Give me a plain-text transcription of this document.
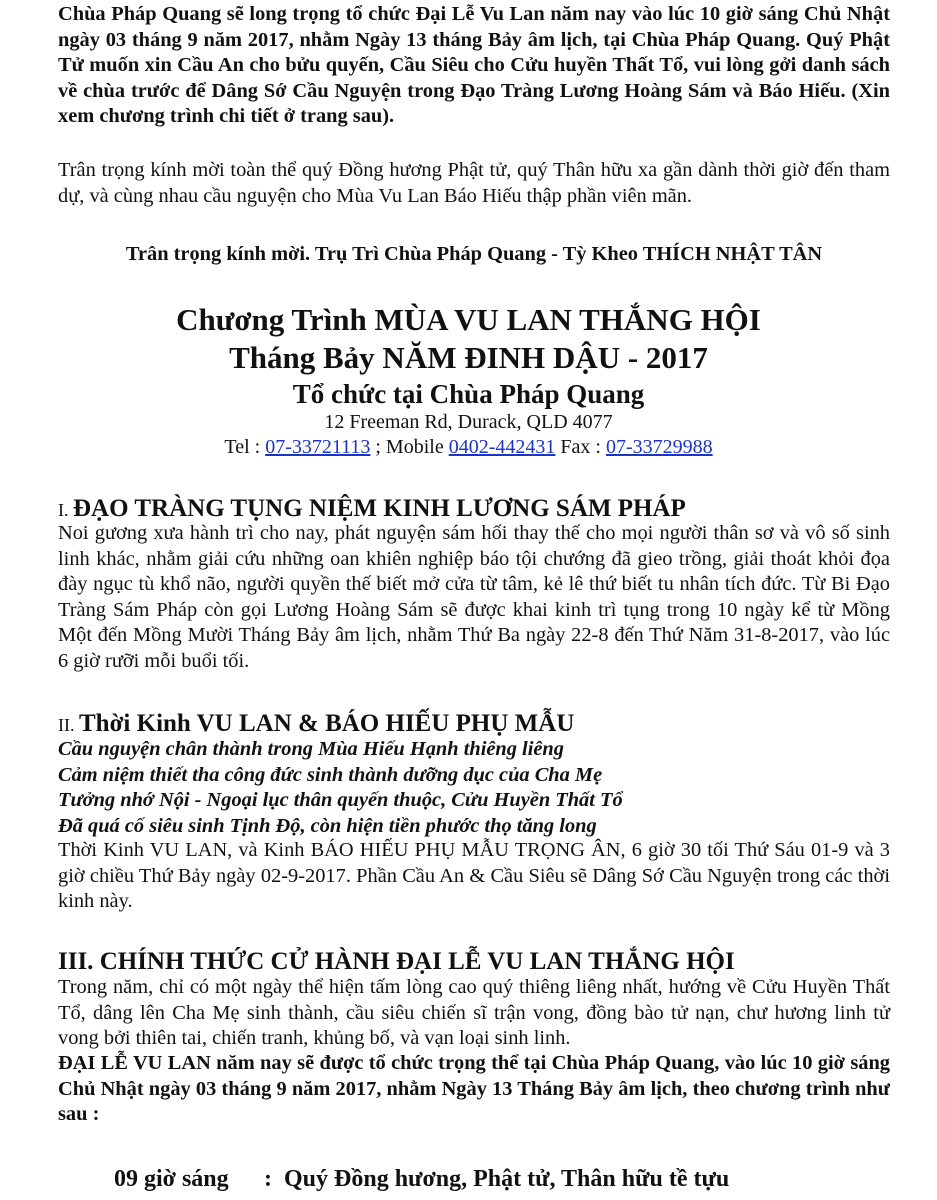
Chùa Pháp Quang sẽ long trọng tổ chức Đại Lễ Vu Lan năm nay vào lúc 10 giờ sáng Chủ Nhật ngày 03 tháng 9 năm 2017, nhằm Ngày 13 tháng Bảy âm lịch, tại Chùa Pháp Quang. Quý Phật Tử muốn xin Cầu An cho bửu quyến, Cầu Siêu cho Cửu huyền Thất Tổ, vui lòng gởi danh sách về chùa trước để Dâng Sớ Cầu Nguyện trong Đạo Tràng Lương Hoàng Sám và Báo Hiếu. (Xin xem chương trình chi tiết ở trang sau).

Trân trọng kính mời toàn thể quý Đồng hương Phật tử, quý Thân hữu xa gần dành thời giờ đến tham dự, và cùng nhau cầu nguyện cho Mùa Vu Lan Báo Hiếu thập phần viên mãn.

Trân trọng kính mời. Trụ Trì Chùa Pháp Quang - Tỳ Kheo THÍCH NHẬT TÂN

Chương Trình MÙA VU LAN THẮNG HỘI

Tháng Bảy NĂM ĐINH DẬU - 2017

Tổ chức tại Chùa Pháp Quang

12 Freeman Rd, Durack, QLD 4077

Tel : 07-33721113 ; Mobile 0402-442431 Fax : 07-33729988

I. ĐẠO TRÀNG TỤNG NIỆM KINH LƯƠNG SÁM PHÁP

Noi gương xưa hành trì cho nay, phát nguyện sám hối thay thế cho mọi người thân sơ và vô số sinh linh khác, nhằm giải cứu những oan khiên nghiệp báo tội chướng đã gieo trồng, giải thoát khỏi đọa đày ngục tù khổ não, người quyền thế biết mở cửa từ tâm, kẻ lê thứ biết tu nhân tích đức. Từ Bi Đạo Tràng Sám Pháp còn gọi Lương Hoàng Sám sẽ được khai kinh trì tụng trong 10 ngày kể từ Mồng Một đến Mồng Mười Tháng Bảy âm lịch, nhằm Thứ Ba ngày 22-8 đến Thứ Năm 31-8-2017, vào lúc 6 giờ rưỡi mỗi buổi tối.

II. Thời Kinh VU LAN & BÁO HIẾU PHỤ MẪU

Cầu nguyện chân thành trong Mùa Hiếu Hạnh thiêng liêng
Cảm niệm thiết tha công đức sinh thành dưỡng dục của Cha Mẹ
Tưởng nhớ Nội - Ngoại lục thân quyến thuộc, Cửu Huyền Thất Tổ
Đã quá cố siêu sinh Tịnh Độ, còn hiện tiền phước thọ tăng long

Thời Kinh VU LAN, và Kinh BÁO HIẾU PHỤ MẪU TRỌNG ÂN, 6 giờ 30 tối Thứ Sáu 01-9 và 3 giờ chiều Thứ Bảy ngày 02-9-2017. Phần Cầu An & Cầu Siêu sẽ Dâng Sớ Cầu Nguyện trong các thời kinh này.

III. CHÍNH THỨC CỬ HÀNH ĐẠI LỄ VU LAN THẮNG HỘI

Trong năm, chỉ có một ngày thể hiện tấm lòng cao quý thiêng liêng nhất, hướng về Cửu Huyền Thất Tổ, dâng lên Cha Mẹ sinh thành, cầu siêu chiến sĩ trận vong, đồng bào tử nạn, chư hương linh tử vong bởi thiên tai, chiến tranh, khủng bố, và vạn loại sinh linh.

ĐẠI LỄ VU LAN năm nay sẽ được tổ chức trọng thể tại Chùa Pháp Quang, vào lúc 10 giờ sáng Chủ Nhật ngày 03 tháng 9 năm 2017, nhằm Ngày 13 Tháng Bảy âm lịch, theo chương trình như sau :

09 giờ sáng : Quý Đồng hương, Phật tử, Thân hữu tề tựu
